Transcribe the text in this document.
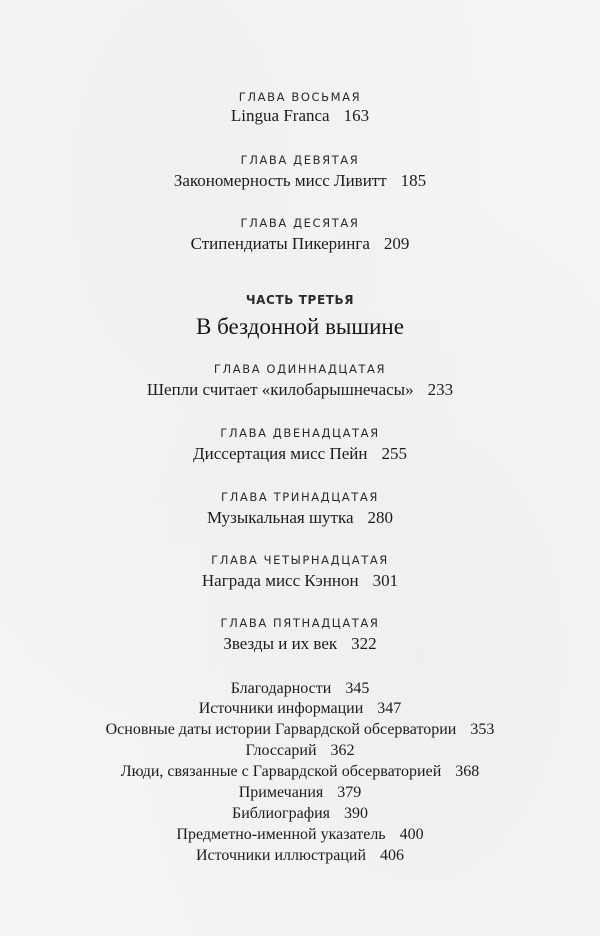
ГЛАВА ВОСЬМАЯ
Lingua Franca 163
ГЛАВА ДЕВЯТАЯ
Закономерность мисс Ливитт 185
ГЛАВА ДЕСЯТАЯ
Стипендиаты Пикеринга 209
ЧАСТЬ ТРЕТЬЯ
В бездонной вышине
ГЛАВА ОДИННАДЦАТАЯ
Шепли считает «килобарышнечасы» 233
ГЛАВА ДВЕНАДЦАТАЯ
Диссертация мисс Пейн 255
ГЛАВА ТРИНАДЦАТАЯ
Музыкальная шутка 280
ГЛАВА ЧЕТЫРНАДЦАТАЯ
Награда мисс Кэннон 301
ГЛАВА ПЯТНАДЦАТАЯ
Звезды и их век 322
Благодарности 345
Источники информации 347
Основные даты истории Гарвардской обсерватории 353
Глоссарий 362
Люди, связанные с Гарвардской обсерваторией 368
Примечания 379
Библиография 390
Предметно-именной указатель 400
Источники иллюстраций 406
